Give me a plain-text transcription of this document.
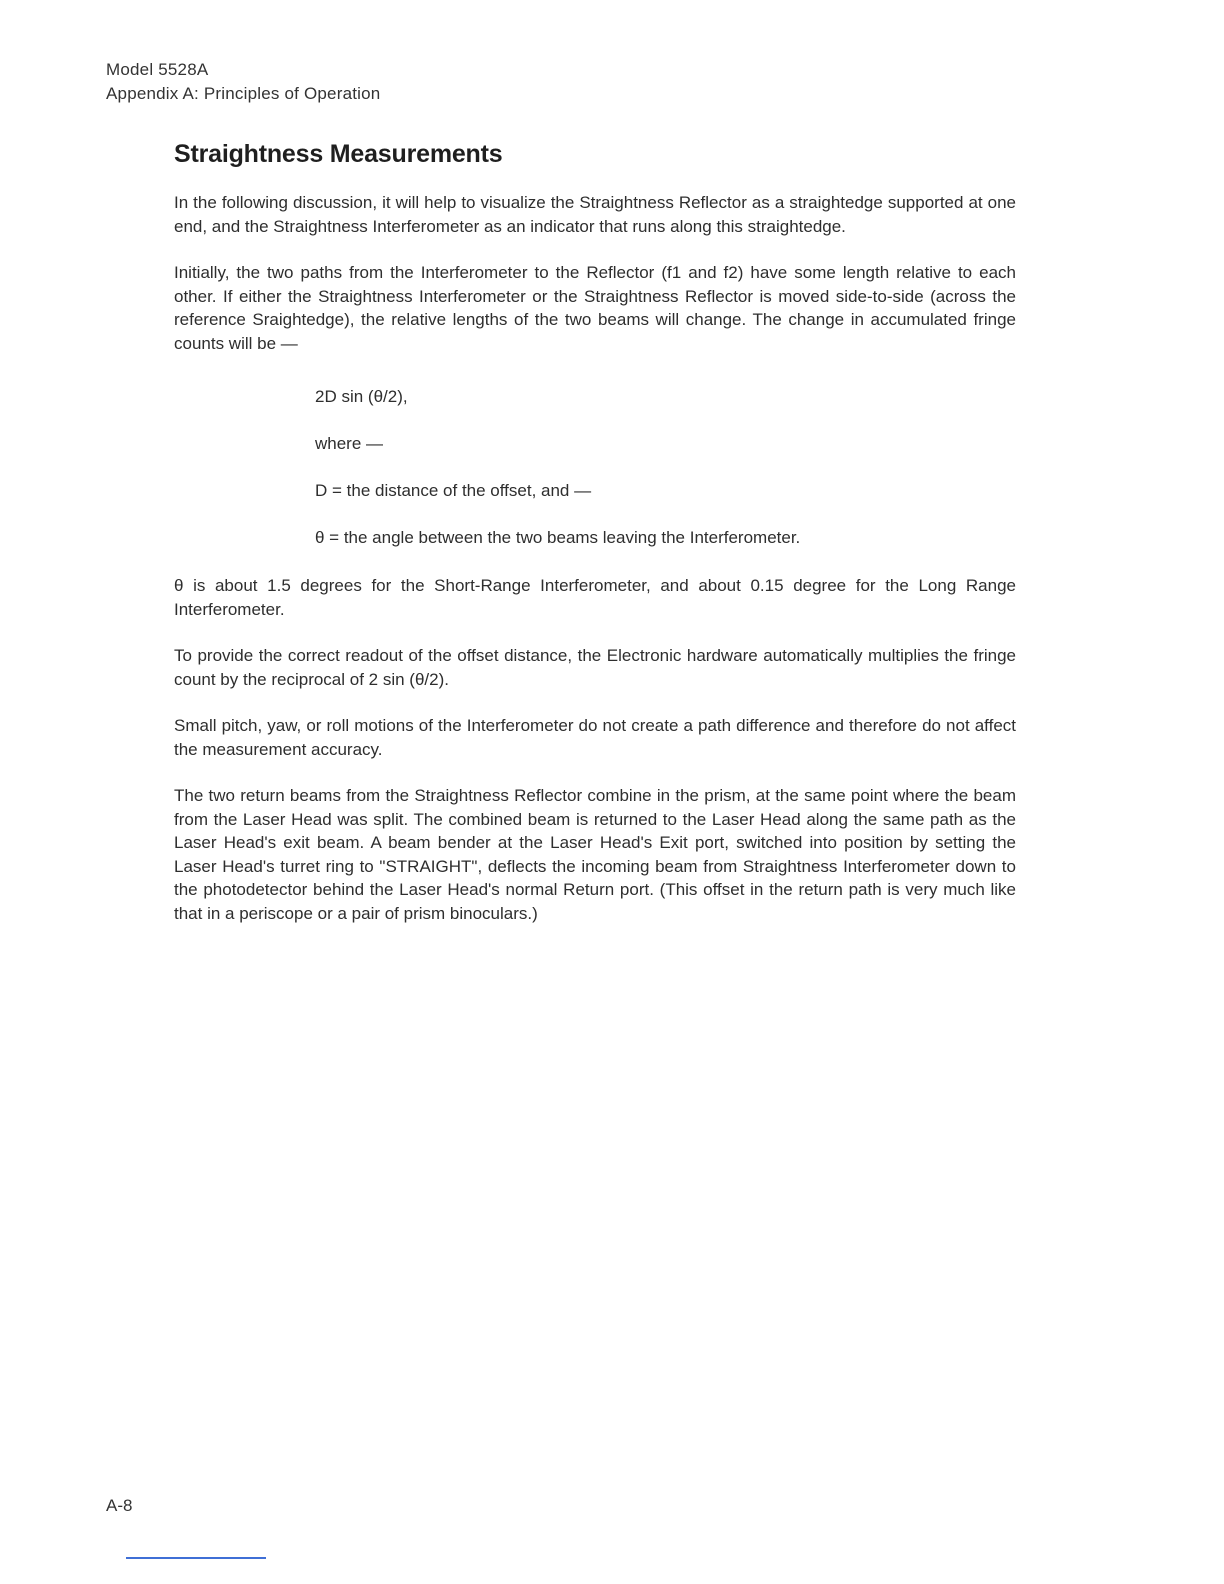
Model 5528A
Appendix A: Principles of Operation
Straightness Measurements

In the following discussion, it will help to visualize the Straightness Reflector as a straightedge supported at one end, and the Straightness Interferometer as an indicator that runs along this straightedge.

Initially, the two paths from the Interferometer to the Reflector (f1 and f2) have some length relative to each other. If either the Straightness Interferometer or the Straightness Reflector is moved side-to-side (across the reference Sraightedge), the relative lengths of the two beams will change. The change in accumulated fringe counts will be —

2D sin (θ/2),
where —
D = the distance of the offset, and —
θ = the angle between the two beams leaving the Interferometer.

θ is about 1.5 degrees for the Short-Range Interferometer, and about 0.15 degree for the Long Range Interferometer.

To provide the correct readout of the offset distance, the Electronic hardware automatically multiplies the fringe count by the reciprocal of 2 sin (θ/2).

Small pitch, yaw, or roll motions of the Interferometer do not create a path difference and therefore do not affect the measurement accuracy.

The two return beams from the Straightness Reflector combine in the prism, at the same point where the beam from the Laser Head was split. The combined beam is returned to the Laser Head along the same path as the Laser Head's exit beam. A beam bender at the Laser Head's Exit port, switched into position by setting the Laser Head's turret ring to "STRAIGHT", deflects the incoming beam from Straightness Interferometer down to the photodetector behind the Laser Head's normal Return port. (This offset in the return path is very much like that in a periscope or a pair of prism binoculars.)

A-8
